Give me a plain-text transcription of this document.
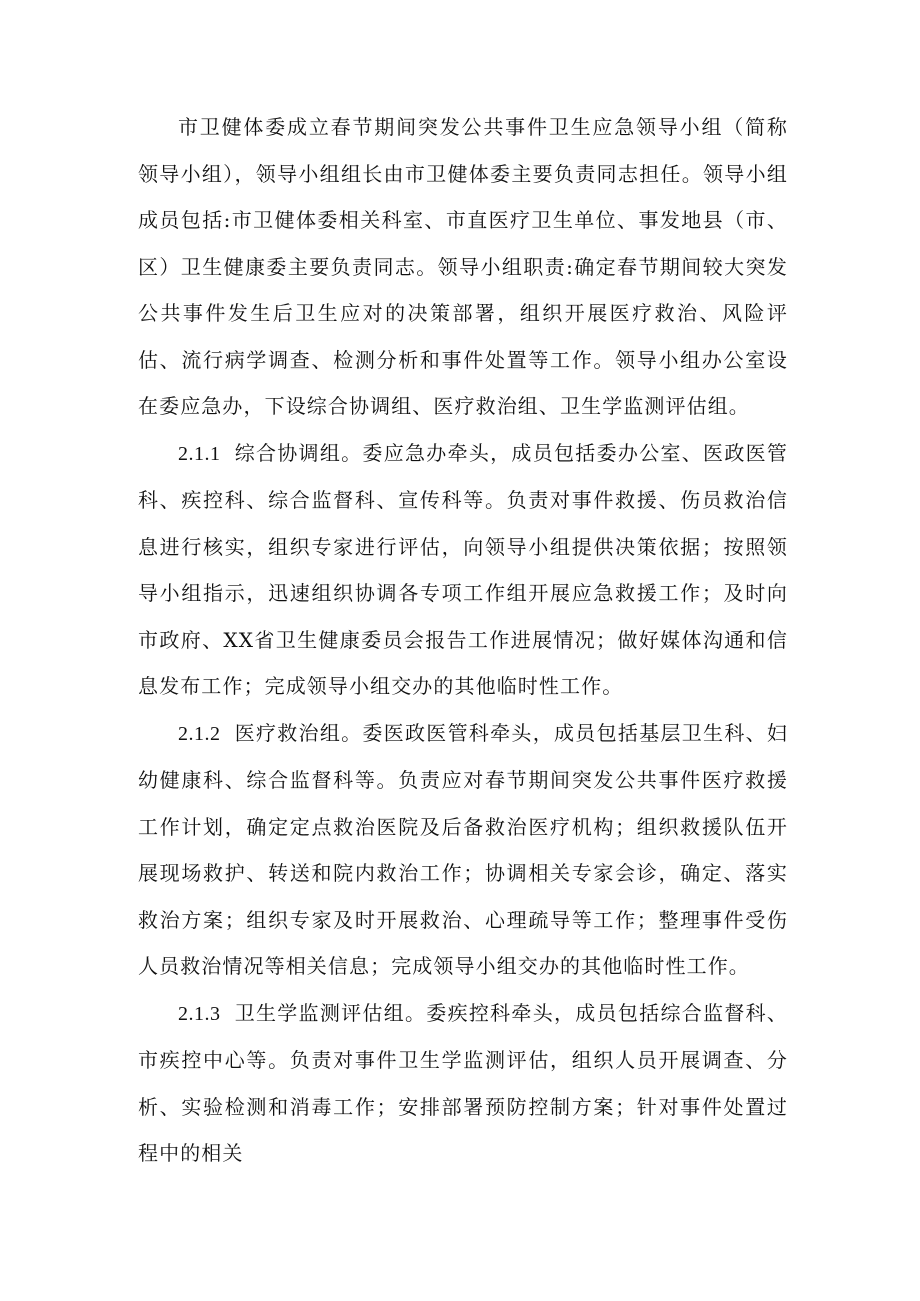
市卫健体委成立春节期间突发公共事件卫生应急领导小组（简称领导小组），领导小组组长由市卫健体委主要负责同志担任。领导小组成员包括:市卫健体委相关科室、市直医疗卫生单位、事发地县（市、区）卫生健康委主要负责同志。领导小组职责:确定春节期间较大突发公共事件发生后卫生应对的决策部署，组织开展医疗救治、风险评估、流行病学调查、检测分析和事件处置等工作。领导小组办公室设在委应急办，下设综合协调组、医疗救治组、卫生学监测评估组。

2.1.1 综合协调组。委应急办牵头，成员包括委办公室、医政医管科、疾控科、综合监督科、宣传科等。负责对事件救援、伤员救治信息进行核实，组织专家进行评估，向领导小组提供决策依据；按照领导小组指示，迅速组织协调各专项工作组开展应急救援工作；及时向市政府、XX省卫生健康委员会报告工作进展情况；做好媒体沟通和信息发布工作；完成领导小组交办的其他临时性工作。

2.1.2 医疗救治组。委医政医管科牵头，成员包括基层卫生科、妇幼健康科、综合监督科等。负责应对春节期间突发公共事件医疗救援工作计划，确定定点救治医院及后备救治医疗机构；组织救援队伍开展现场救护、转送和院内救治工作；协调相关专家会诊，确定、落实救治方案；组织专家及时开展救治、心理疏导等工作；整理事件受伤人员救治情况等相关信息；完成领导小组交办的其他临时性工作。

2.1.3 卫生学监测评估组。委疾控科牵头，成员包括综合监督科、市疾控中心等。负责对事件卫生学监测评估，组织人员开展调查、分析、实验检测和消毒工作；安排部署预防控制方案；针对事件处置过程中的相关
